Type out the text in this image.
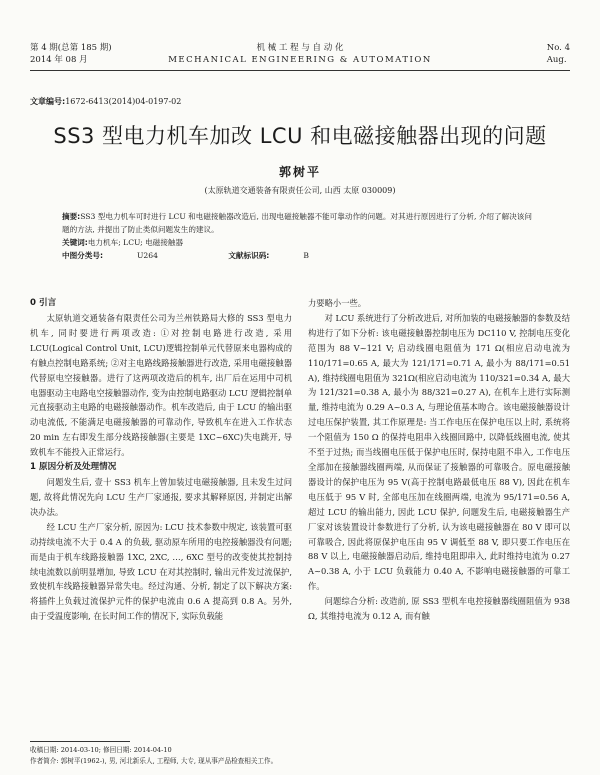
第 4 期(总第 185 期)
2014 年 08 月
机 械 工 程 与 自 动 化
MECHANICAL ENGINEERING & AUTOMATION
No. 4
Aug.
文章编号:1672-6413(2014)04-0197-02
SS3 型电力机车加改 LCU 和电磁接触器出现的问题
郭树平
(太原轨道交通装备有限责任公司, 山西 太原 030009)

摘要:SS3 型电力机车可时进行 LCU 和电磁接触器改造后, 出现电磁接触器不能可靠动作的问题。对其进行原因进行了分析, 介绍了解决该问题的方法, 并提出了防止类似问题发生的建议。

关键词:电力机车; LCU; 电磁接触器

中图分类号:	U264	文献标识码:	B

0 引言

太原轨道交通装备有限责任公司为兰州铁路局大修的 SS3 型电力机车, 同时要进行两项改造: ①对控制电路进行改造, 采用 LCU(Logical Control Unit, LCU)逻辑控制单元代替原来电器构成的有触点控制电路系统; ②对主电路线路接触器进行改造, 采用电磁接触器代替原电空接触器。进行了这两项改造后的机车, 出厂后在运用中司机电器驱动主电路电空接触器动作, 变为由控制电路驱动 LCU 逻辑控制单元直接驱动主电路的电磁接触器动作。机车改造后, 由于 LCU 的输出驱动电流低, 不能满足电磁接触器的可靠动作, 导致机车在进入工作状态 20 min 左右即发生部分线路接触器(主要是 1XC~6XC)失电跳开, 导致机车不能投入正常运行。

1 原因分析及处理情况

问题发生后, 壹十 SS3 机车上曾加装过电磁接触器, 且未发生过问题, 故将此情况先向 LCU 生产厂家通报, 要求其解释原因, 并制定出解决办法。

经 LCU 生产厂家分析, 原因为: LCU 技术参数中规定, 该装置可驱动持续电流不大于 0.4 A 的负载, 驱动原车所用的电控接触器没有问题; 而是由于机车线路接触器 1XC, 2XC, …, 6XC 型号的改变使其控制持续电流数以前明显增加, 导致 LCU 在对其控制时, 输出元件发过流保护, 致使机车线路接触器异常失电。经过沟通、分析, 制定了以下解决方案: 将插件上负载过流保护元件的保护电流由 0.6 A 提高到 0.8 A。另外, 由于受温度影响, 在长时间工作的情况下, 实际负载能

力要略小一些。

对 LCU 系统进行了分析改进后, 对所加装的电磁接触器的参数及结构进行了如下分析: 该电磁接触器控制电压为 DC110 V, 控制电压变化范围为 88 V~121 V; 启动线圈电阻值为 171 Ω(相应启动电流为 110/171=0.65 A, 最大为 121/171=0.71 A, 最小为 88/171=0.51 A), 维持线圈电阻值为 321Ω(相应启动电流为 110/321=0.34 A, 最大为 121/321=0.38 A, 最小为 88/321=0.27 A), 在机车上进行实际测量, 维持电流为 0.29 A~0.3 A, 与理论值基本吻合。该电磁接触器设计过电压保护装置, 其工作原理是: 当工作电压在保护电压以上时, 系统将一个阻值为 150 Ω 的保持电阻串入线圈回路中, 以降低线圈电流, 使其不至于过热; 而当线圈电压低于保护电压时, 保持电阻不串入, 工作电压全部加在接触器线圈两端, 从而保证了接触器的可靠吸合。原电磁接触器设计的保护电压为 95 V(高于控制电路最低电压 88 V), 因此在机车电压低于 95 V 时, 全部电压加在线圈两端, 电流为 95/171=0.56 A, 超过 LCU 的输出能力, 因此 LCU 保护, 问题发生后, 电磁接触器生产厂家对该装置设计参数进行了分析, 认为该电磁接触器在 80 V 即可以可靠吸合, 因此将原保护电压由 95 V 调低至 88 V, 即只要工作电压在 88 V 以上, 电磁接触器启动后, 维持电阻即串入, 此时维持电流为 0.27 A~0.38 A, 小于 LCU 负载能力 0.40 A, 不影响电磁接触器的可靠工作。

问题综合分析: 改造前, 原 SS3 型机车电控接触器线圈阻值为 938 Ω, 其维持电流为 0.12 A, 而有触

收稿日期: 2014-03-10; 修回日期: 2014-04-10
作者简介: 郭树平(1962-), 男, 河北新乐人, 工程师, 大专, 现从事产品检查相关工作。
